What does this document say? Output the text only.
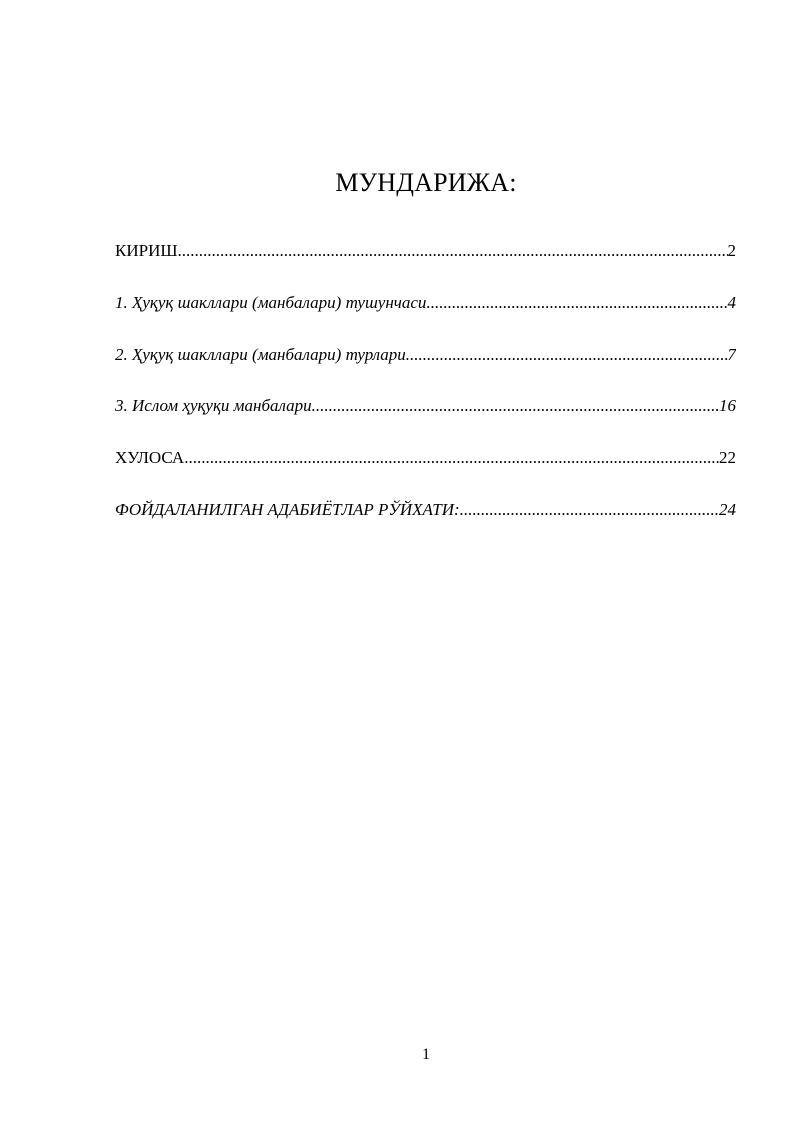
МУНДАРИЖА:
КИРИШ .....	2
1. Ҳуқуқ шакллари (манбалари) тушунчаси .....	4
2. Ҳуқуқ шакллари (манбалари) турлари .....	7
3. Ислом ҳуқуқи манбалари .....	16
ХУЛОСА .....	22
ФОЙДАЛАНИЛГАН АДАБИЁТЛАР РЎЙХАТИ: .....	24
1
